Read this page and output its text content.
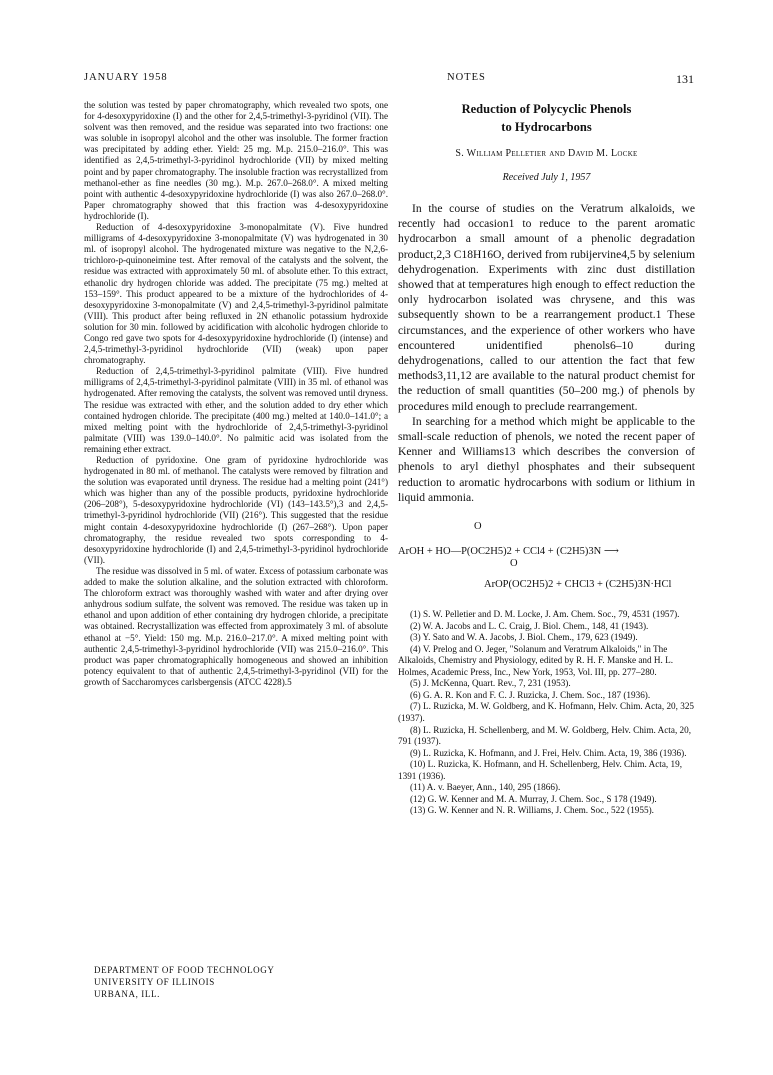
JANUARY 1958	NOTES	131

the solution was tested by paper chromatography, which revealed two spots, one for 4-desoxypyridoxine (I) and the other for 2,4,5-trimethyl-3-pyridinol (VII). The solvent was then removed, and the residue was separated into two fractions: one was soluble in isopropyl alcohol and the other was insoluble. The former fraction was precipitated by adding ether. Yield: 25 mg. M.p. 215.0–216.0°. This was identified as 2,4,5-trimethyl-3-pyridinol hydrochloride (VII) by mixed melting point and by paper chromatography. The insoluble fraction was recrystallized from methanol-ether as fine needles (30 mg.). M.p. 267.0–268.0°. A mixed melting point with authentic 4-desoxypyridoxine hydrochloride (I) was also 267.0–268.0°. Paper chromatography showed that this fraction was 4-desoxypyridoxine hydrochloride (I).

Reduction of 4-desoxypyridoxine 3-monopalmitate (V). Five hundred milligrams of 4-desoxypyridoxine 3-monopalmitate (V) was hydrogenated in 30 ml. of isopropyl alcohol. The hydrogenated mixture was negative to the N,2,6-trichloro-p-quinoneimine test. After removal of the catalysts and the solvent, the residue was extracted with approximately 50 ml. of absolute ether. To this extract, ethanolic dry hydrogen chloride was added. The precipitate (75 mg.) melted at 153–159°. This product appeared to be a mixture of the hydrochlorides of 4-desoxypyridoxine 3-monopalmitate (V) and 2,4,5-trimethyl-3-pyridinol palmitate (VIII). This product after being refluxed in 2N ethanolic potassium hydroxide solution for 30 min. followed by acidification with alcoholic hydrogen chloride to Congo red gave two spots for 4-desoxypyridoxine hydrochloride (I) (intense) and 2,4,5-trimethyl-3-pyridinol hydrochloride (VII) (weak) upon paper chromatography.

Reduction of 2,4,5-trimethyl-3-pyridinol palmitate (VIII). Five hundred milligrams of 2,4,5-trimethyl-3-pyridinol palmitate (VIII) in 35 ml. of ethanol was hydrogenated. After removing the catalysts, the solvent was removed until dryness. The residue was extracted with ether, and the solution added to dry ether which contained hydrogen chloride. The precipitate (400 mg.) melted at 140.0–141.0°; a mixed melting point with the hydrochloride of 2,4,5-trimethyl-3-pyridinol palmitate (VIII) was 139.0–140.0°. No palmitic acid was isolated from the remaining ether extract.

Reduction of pyridoxine. One gram of pyridoxine hydrochloride was hydrogenated in 80 ml. of methanol. The catalysts were removed by filtration and the solution was evaporated until dryness. The residue had a melting point (241°) which was higher than any of the possible products, pyridoxine hydrochloride (206–208°), 5-desoxypyridoxine hydrochloride (VI) (143–143.5°),3 and 2,4,5-trimethyl-3-pyridinol hydrochloride (VII) (216°). This suggested that the residue might contain 4-desoxypyridoxine hydrochloride (I) (267–268°). Upon paper chromatography, the residue revealed two spots corresponding to 4-desoxypyridoxine hydrochloride (I) and 2,4,5-trimethyl-3-pyridinol hydrochloride (VII).

The residue was dissolved in 5 ml. of water. Excess of potassium carbonate was added to make the solution alkaline, and the solution extracted with chloroform. The chloroform extract was thoroughly washed with water and after drying over anhydrous sodium sulfate, the solvent was removed. The residue was taken up in ethanol and upon addition of ether containing dry hydrogen chloride, a precipitate was obtained. Recrystallization was effected from approximately 3 ml. of absolute ethanol at −5°. Yield: 150 mg. M.p. 216.0–217.0°. A mixed melting point with authentic 2,4,5-trimethyl-3-pyridinol hydrochloride (VII) was 215.0–216.0°. This product was paper chromatographically homogeneous and showed an inhibition potency equivalent to that of authentic 2,4,5-trimethyl-3-pyridinol (VII) for the growth of Saccharomyces carlsbergensis (ATCC 4228).5

DEPARTMENT OF FOOD TECHNOLOGY
UNIVERSITY OF ILLINOIS
URBANA, ILL.
Reduction of Polycyclic Phenols
to Hydrocarbons
S. William Pelletier and David M. Locke
Received July 1, 1957

In the course of studies on the Veratrum alkaloids, we recently had occasion1 to reduce to the parent aromatic hydrocarbon a small amount of a phenolic degradation product,2,3 C18H16O, derived from rubijervine4,5 by selenium dehydrogenation. Experiments with zinc dust distillation showed that at temperatures high enough to effect reduction the only hydrocarbon isolated was chrysene, and this was subsequently shown to be a rearrangement product.1 These circumstances, and the experience of other workers who have encountered unidentified phenols6–10 during dehydrogenations, called to our attention the fact that few methods3,11,12 are available to the natural product chemist for the reduction of small quantities (50–200 mg.) of phenols by procedures mild enough to preclude rearrangement.

In searching for a method which might be applicable to the small-scale reduction of phenols, we noted the recent paper of Kenner and Williams13 which describes the conversion of phenols to aryl diethyl phosphates and their subsequent reduction to aromatic hydrocarbons with sodium or lithium in liquid ammonia.

O
ArOH + HO—P(OC2H5)2 + CCl4 + (C2H5)3N ⟶
O
ArOP(OC2H5)2 + CHCl3 + (C2H5)3N·HCl

(1) S. W. Pelletier and D. M. Locke, J. Am. Chem. Soc., 79, 4531 (1957).

(2) W. A. Jacobs and L. C. Craig, J. Biol. Chem., 148, 41 (1943).

(3) Y. Sato and W. A. Jacobs, J. Biol. Chem., 179, 623 (1949).

(4) V. Prelog and O. Jeger, "Solanum and Veratrum Alkaloids," in The Alkaloids, Chemistry and Physiology, edited by R. H. F. Manske and H. L. Holmes, Academic Press, Inc., New York, 1953, Vol. III, pp. 277–280.

(5) J. McKenna, Quart. Rev., 7, 231 (1953).

(6) G. A. R. Kon and F. C. J. Ruzicka, J. Chem. Soc., 187 (1936).

(7) L. Ruzicka, M. W. Goldberg, and K. Hofmann, Helv. Chim. Acta, 20, 325 (1937).

(8) L. Ruzicka, H. Schellenberg, and M. W. Goldberg, Helv. Chim. Acta, 20, 791 (1937).

(9) L. Ruzicka, K. Hofmann, and J. Frei, Helv. Chim. Acta, 19, 386 (1936).

(10) L. Ruzicka, K. Hofmann, and H. Schellenberg, Helv. Chim. Acta, 19, 1391 (1936).

(11) A. v. Baeyer, Ann., 140, 295 (1866).

(12) G. W. Kenner and M. A. Murray, J. Chem. Soc., S 178 (1949).

(13) G. W. Kenner and N. R. Williams, J. Chem. Soc., 522 (1955).
